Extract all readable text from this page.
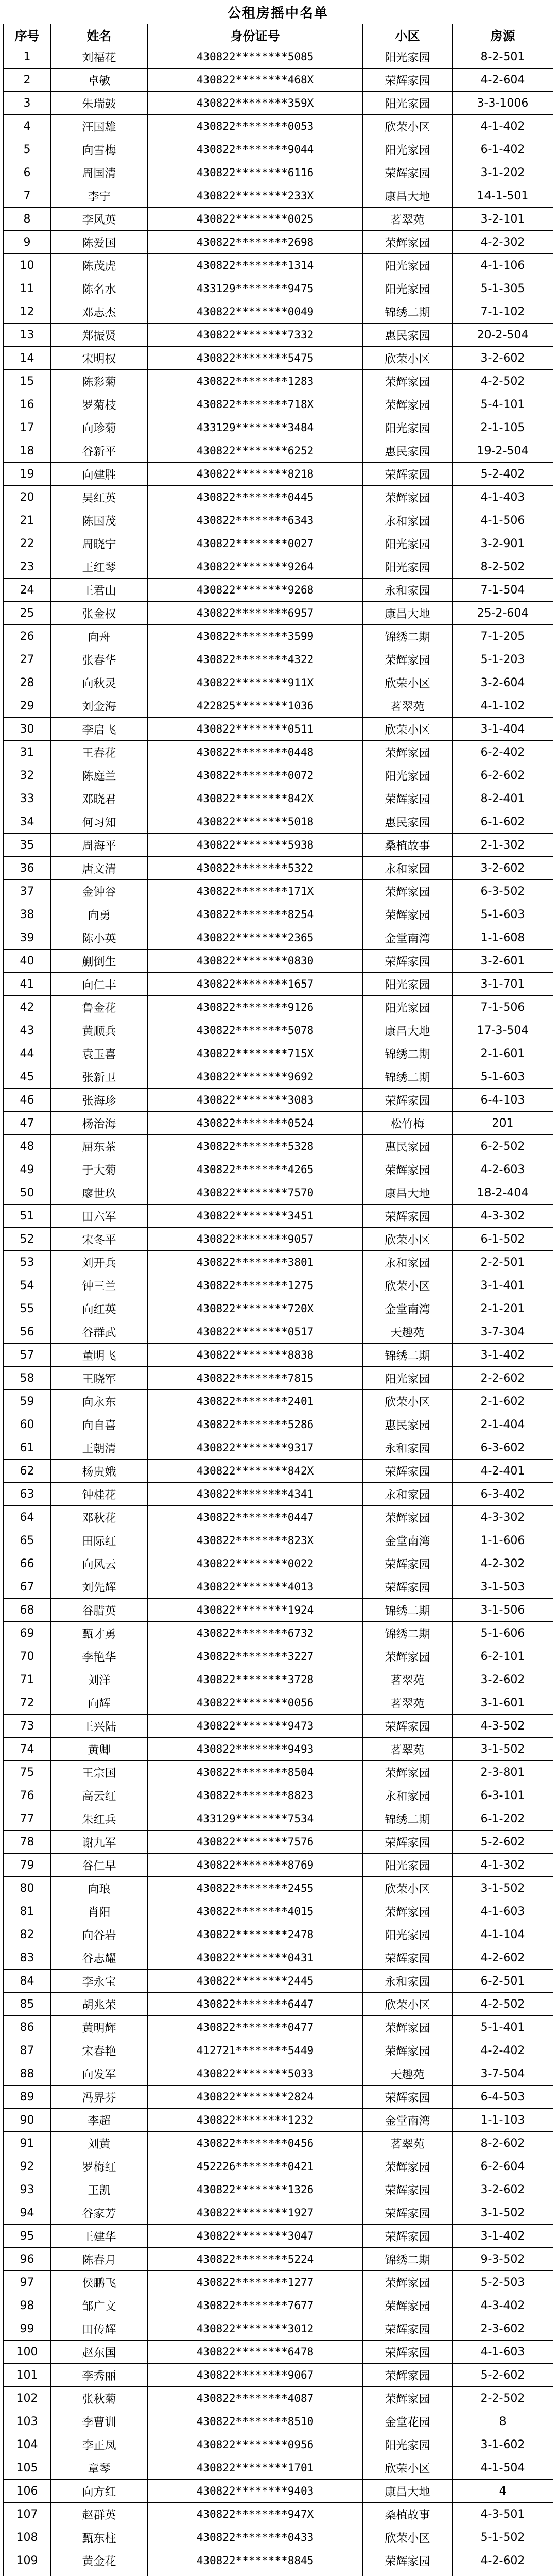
公租房摇中名单
序号	姓名	身份证号	小区	房源
1	刘福花	430822********5085	阳光家园	8-2-501
2	卓敏	430822********468X	荣辉家园	4-2-604
3	朱瑞鼓	430822********359X	阳光家园	3-3-1006
4	汪国雄	430822********0053	欣荣小区	4-1-402
5	向雪梅	430822********9044	阳光家园	6-1-402
6	周国清	430822********6116	荣辉家园	3-1-202
7	李宁	430822********233X	康昌大地	14-1-501
8	李风英	430822********0025	茗翠苑	3-2-101
9	陈爱国	430822********2698	荣辉家园	4-2-302
10	陈茂虎	430822********1314	阳光家园	4-1-106
11	陈名水	433129********9475	阳光家园	5-1-305
12	邓志杰	430822********0049	锦绣二期	7-1-102
13	郑振贤	430822********7332	惠民家园	20-2-504
14	宋明权	430822********5475	欣荣小区	3-2-602
15	陈彩菊	430822********1283	荣辉家园	4-2-502
16	罗菊枝	430822********718X	荣辉家园	5-4-101
17	向珍菊	433129********3484	阳光家园	2-1-105
18	谷新平	430822********6252	惠民家园	19-2-504
19	向建胜	430822********8218	荣辉家园	5-2-402
20	吴红英	430822********0445	荣辉家园	4-1-403
21	陈国茂	430822********6343	永和家园	4-1-506
22	周晓宁	430822********0027	阳光家园	3-2-901
23	王红琴	430822********9264	阳光家园	8-2-502
24	王君山	430822********9268	永和家园	7-1-504
25	张金权	430822********6957	康昌大地	25-2-604
26	向舟	430822********3599	锦绣二期	7-1-205
27	张春华	430822********4322	荣辉家园	5-1-203
28	向秋灵	430822********911X	欣荣小区	3-2-604
29	刘金海	422825********1036	茗翠苑	4-1-102
30	李启飞	430822********0511	欣荣小区	3-1-404
31	王春花	430822********0448	荣辉家园	6-2-402
32	陈庭兰	430822********0072	阳光家园	6-2-602
33	邓晓君	430822********842X	荣辉家园	8-2-401
34	何习知	430822********5018	惠民家园	6-1-602
35	周海平	430822********5938	桑植故事	2-1-302
36	唐文清	430822********5322	永和家园	3-2-602
37	金钟谷	430822********171X	荣辉家园	6-3-502
38	向勇	430822********8254	荣辉家园	5-1-603
39	陈小英	430822********2365	金堂南湾	1-1-608
40	蒯倒生	430822********0830	荣辉家园	3-2-601
41	向仁丰	430822********1657	阳光家园	3-1-701
42	鲁金花	430822********9126	阳光家园	7-1-506
43	黄顺兵	430822********5078	康昌大地	17-3-504
44	袁玉喜	430822********715X	锦绣二期	2-1-601
45	张新卫	430822********9692	锦绣二期	5-1-603
46	张海珍	430822********3083	荣辉家园	6-4-103
47	杨治海	430822********0524	松竹梅	201
48	屈东茶	430822********5328	惠民家园	6-2-502
49	于大菊	430822********4265	荣辉家园	4-2-603
50	廖世玖	430822********7570	康昌大地	18-2-404
51	田六军	430822********3451	荣辉家园	4-3-302
52	宋冬平	430822********9057	欣荣小区	6-1-502
53	刘开兵	430822********3801	永和家园	2-2-501
54	钟三兰	430822********1275	欣荣小区	3-1-401
55	向红英	430822********720X	金堂南湾	2-1-201
56	谷群武	430822********0517	天趣苑	3-7-304
57	董明飞	430822********8838	锦绣二期	3-1-402
58	王晓军	430822********7815	阳光家园	2-2-602
59	向永东	430822********2401	欣荣小区	2-1-602
60	向自喜	430822********5286	惠民家园	2-1-404
61	王朝清	430822********9317	永和家园	6-3-602
62	杨贵娥	430822********842X	荣辉家园	4-2-401
63	钟桂花	430822********4341	永和家园	6-3-402
64	邓秋花	430822********0447	荣辉家园	4-3-302
65	田际红	430822********823X	金堂南湾	1-1-606
66	向风云	430822********0022	荣辉家园	4-2-302
67	刘先辉	430822********4013	荣辉家园	3-1-503
68	谷腊英	430822********1924	锦绣二期	3-1-506
69	甄才勇	430822********6732	锦绣二期	5-1-606
70	李艳华	430822********3227	荣辉家园	6-2-101
71	刘洋	430822********3728	茗翠苑	3-2-602
72	向辉	430822********0056	茗翠苑	3-1-601
73	王兴陆	430822********9473	荣辉家园	4-3-502
74	黄卿	430822********9493	茗翠苑	3-1-502
75	王宗国	430822********8504	荣辉家园	2-3-801
76	高云红	430822********8823	永和家园	6-3-101
77	朱红兵	433129********7534	锦绣二期	6-1-202
78	谢九军	430822********7576	荣辉家园	5-2-602
79	谷仁早	430822********8769	阳光家园	4-1-302
80	向琅	430822********2455	欣荣小区	3-1-502
81	肖阳	430822********4015	荣辉家园	4-1-603
82	向谷岩	430822********2478	阳光家园	4-1-104
83	谷志耀	430822********0431	荣辉家园	4-2-602
84	李永宝	430822********2445	永和家园	6-2-501
85	胡兆荣	430822********6447	欣荣小区	4-2-502
86	黄明辉	430822********0477	荣辉家园	5-1-401
87	宋春艳	412721********5449	荣辉家园	4-2-402
88	向发军	430822********5033	天趣苑	3-7-504
89	冯界芬	430822********2824	荣辉家园	6-4-503
90	李超	430822********1232	金堂南湾	1-1-103
91	刘黄	430822********0456	茗翠苑	8-2-602
92	罗梅红	452226********0421	荣辉家园	6-2-604
93	王凯	430822********1326	荣辉家园	3-2-602
94	谷家芳	430822********1927	荣辉家园	3-1-502
95	王建华	430822********3047	荣辉家园	3-1-402
96	陈春月	430822********5224	锦绣二期	9-3-502
97	侯鹏飞	430822********1277	荣辉家园	5-2-503
98	邹广文	430822********7677	荣辉家园	4-3-402
99	田传辉	430822********3012	荣辉家园	2-3-602
100	赵东国	430822********6478	荣辉家园	4-1-603
101	李秀丽	430822********9067	荣辉家园	5-2-602
102	张秋菊	430822********4087	荣辉家园	2-2-502
103	李曹训	430822********8510	金堂花园	8
104	李正凤	430822********0956	阳光家园	3-1-602
105	章琴	430822********1701	欣荣小区	4-1-504
106	向方红	430822********9403	康昌大地	4
107	赵群英	430822********947X	桑植故事	4-3-501
108	甄东柱	430822********0433	欣荣小区	5-1-502
109	黄金花	430822********8845	荣辉家园	4-2-602
